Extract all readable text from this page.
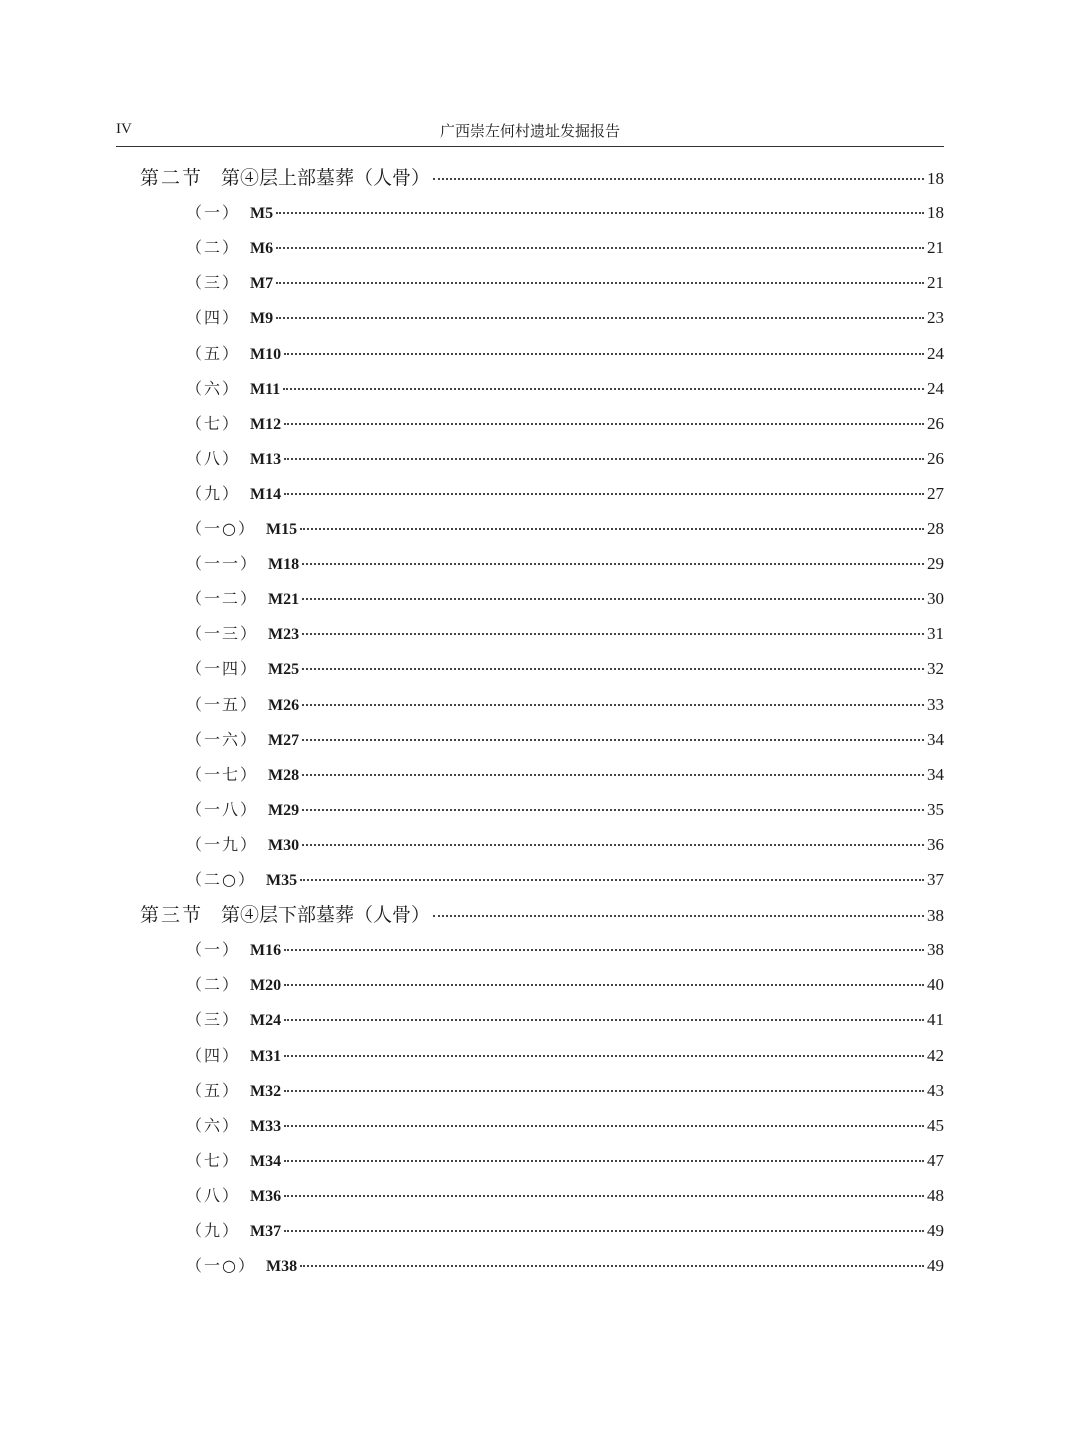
IV	广西崇左何村遗址发掘报告
第二节 第④层上部墓葬（人骨）	18
（一） M5	18
（二） M6	21
（三） M7	21
（四） M9	23
（五） M10	24
（六） M11	24
（七） M12	26
（八） M13	26
（九） M14	27
（一○） M15	28
（一一） M18	29
（一二） M21	30
（一三） M23	31
（一四） M25	32
（一五） M26	33
（一六） M27	34
（一七） M28	34
（一八） M29	35
（一九） M30	36
（二○） M35	37
第三节 第④层下部墓葬（人骨）	38
（一） M16	38
（二） M20	40
（三） M24	41
（四） M31	42
（五） M32	43
（六） M33	45
（七） M34	47
（八） M36	48
（九） M37	49
（一○） M38	49
